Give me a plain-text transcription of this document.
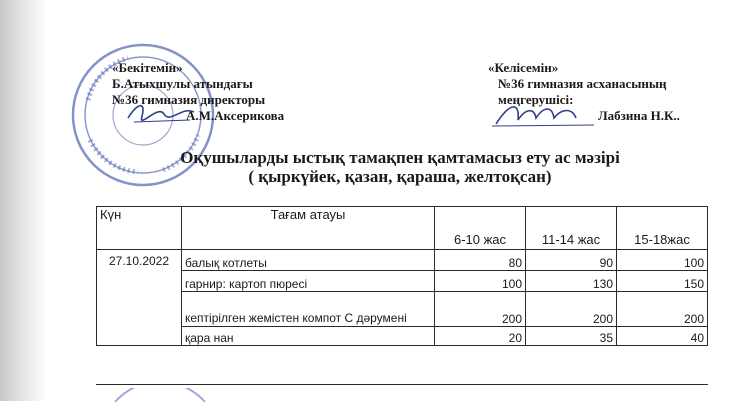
«Бекітемін»
Б.Атыхшулы атындағы
№36 гимназия директоры
А.М.Аксерикова
«Келісемін»
№36 гимназия асханасының
меңгерушісі:
Лабзина Н.К..
Оқушыларды ыстық тамақпен қамтамасыз ету ас мәзірі
( қыркүйек, қазан, қараша, желтоқсан)
Күн	Тағам атауы	6-10 жас	11-14 жас	15-18жас
27.10.2022	балық котлеты	80	90	100
	гарнир: картоп пюресі	100	130	150
	кептірілген жемістен компот С дәрумені	200	200	200
	қара нан	20	35	40
